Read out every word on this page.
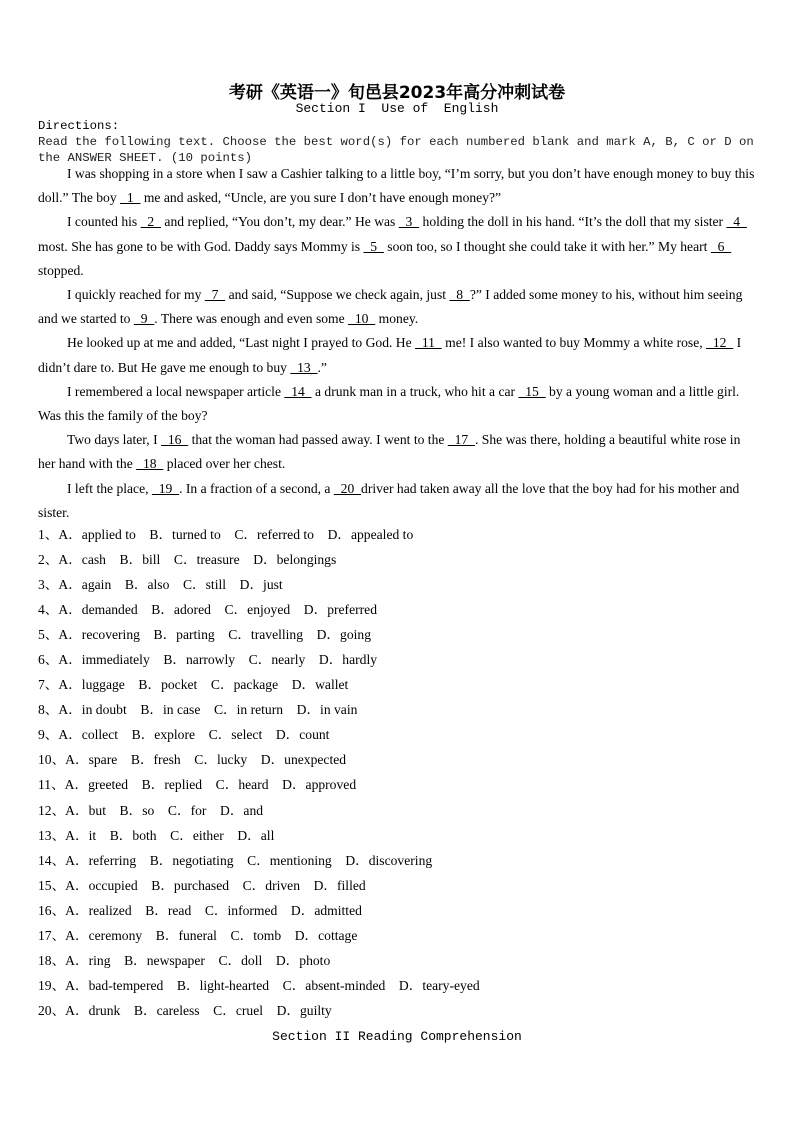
考研《英语一》旬邑县2023年高分冲刺试卷
Section I  Use of  English
Directions:
Read the following text. Choose the best word(s) for each numbered blank and mark A, B, C or D on the ANSWER SHEET. (10 points)

I was shopping in a store when I saw a Cashier talking to a little boy, “I’m sorry, but you don’t have enough money to buy this doll.” The boy   1   me and asked, “Uncle, are you sure I don’t have enough money?”

I counted his   2   and replied, “You don’t, my dear.” He was   3   holding the doll in his hand. “It’s the doll that my sister   4   most. She has gone to be with God. Daddy says Mommy is   5   soon too, so I thought she could take it with her.” My heart   6   stopped.

I quickly reached for my   7   and said, “Suppose we check again, just   8  ?” I added some money to his, without him seeing and we started to   9  . There was enough and even some   10   money.

He looked up at me and added, “Last night I prayed to God. He   11   me! I also wanted to buy Mommy a white rose,   12   I didn’t dare to. But He gave me enough to buy   13  .”

I remembered a local newspaper article   14   a drunk man in a truck, who hit a car   15   by a young woman and a little girl. Was this the family of the boy?

Two days later, I   16   that the woman had passed away. I went to the   17  . She was there, holding a beautiful white rose in her hand with the   18   placed over her chest.

I left the place,   19  . In a fraction of a second, a   20  driver had taken away all the love that the boy had for his mother and sister.

1、A．applied to　B．turned to　C．referred to　D．appealed to
2、A．cash　B．bill　C．treasure　D．belongings
3、A．again　B．also　C．still　D．just
4、A．demanded　B．adored　C．enjoyed　D．preferred
5、A．recovering　B．parting　C．travelling　D．going
6、A．immediately　B．narrowly　C．nearly　D．hardly
7、A．luggage　B．pocket　C．package　D．wallet
8、A．in doubt　B．in case　C．in return　D．in vain
9、A．collect　B．explore　C．select　D．count
10、A．spare　B．fresh　C．lucky　D．unexpected
11、A．greeted　B．replied　C．heard　D．approved
12、A．but　B．so　C．for　D．and
13、A．it　B．both　C．either　D．all
14、A．referring　B．negotiating　C．mentioning　D．discovering
15、A．occupied　B．purchased　C．driven　D．filled
16、A．realized　B．read　C．informed　D．admitted
17、A．ceremony　B．funeral　C．tomb　D．cottage
18、A．ring　B．newspaper　C．doll　D．photo
19、A．bad-tempered　B．light-hearted　C．absent-minded　D．teary-eyed
20、A．drunk　B．careless　C．cruel　D．guilty
Section II Reading Comprehension
